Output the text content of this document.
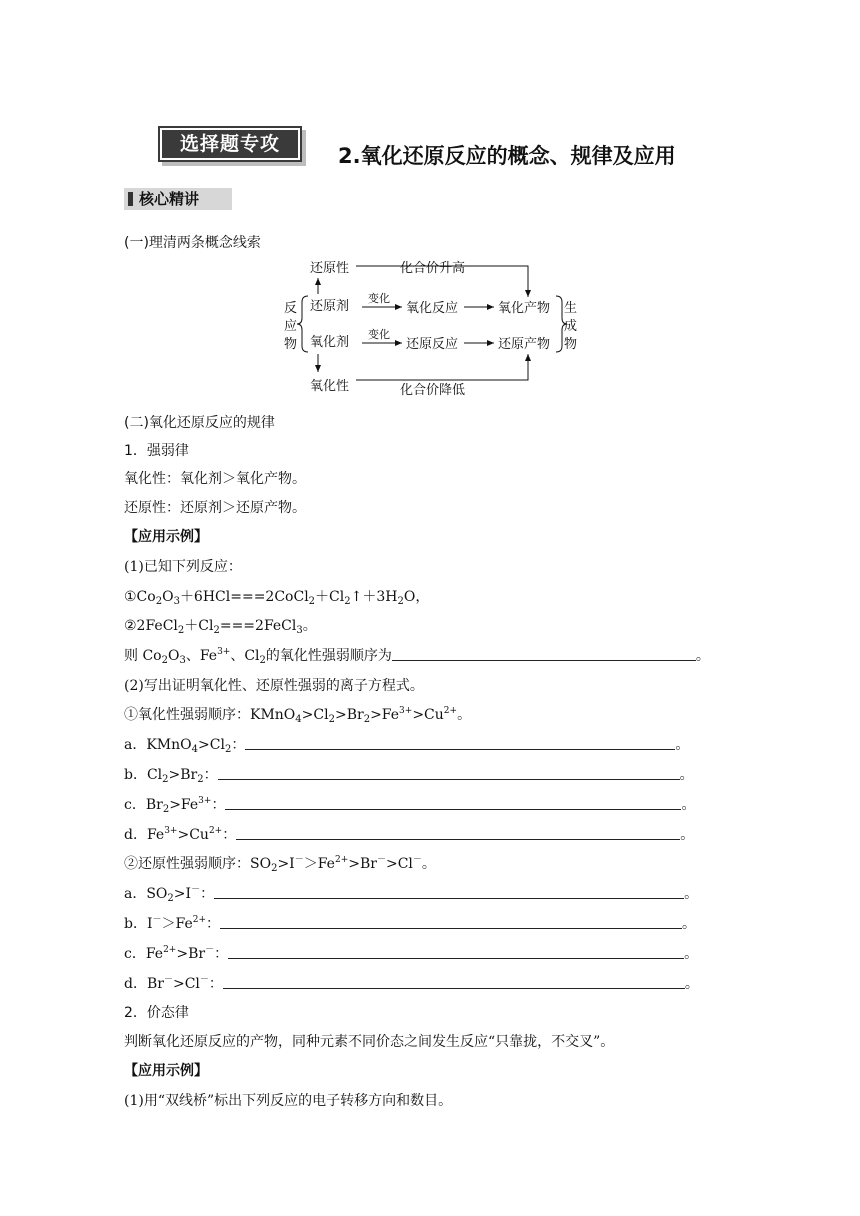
选择题专攻	2.氧化还原反应的概念、规律及应用
核心精讲
(一)理清两条概念线索
还原性	化合价升高
反
应
物
还原剂
氧化剂
变化
变化
氧化反应
还原反应
氧化产物
还原产物
生
成
物
氧化性	化合价降低
(二)氧化还原反应的规律
1．强弱律
氧化性：氧化剂＞氧化产物。
还原性：还原剂＞还原产物。
【应用示例】
(1)已知下列反应：
$①Co_2O_3+6HCl===2CoCl_2+Cl_2↑+3H_2O$，
$②2FeCl_2+Cl_2===2FeCl_3$。
则 $Co_2O_3$、$Fe^{3+}$、$Cl_2$的氧化性强弱顺序为	。
(2)写出证明氧化性、还原性强弱的离子方程式。
①氧化性强弱顺序：$KMnO_4>Cl_2>Br_2>Fe^{3+}>Cu^{2+}$。
a．$KMnO_4>Cl_2$：	。
b．$Cl_2>Br_2$：	。
c．$Br_2>Fe^{3+}$：	。
d．$Fe^{3+}>Cu^{2+}$：	。
②还原性强弱顺序：$SO_2>I^->Fe^{2+}>Br^->Cl^-$。
a．$SO_2>I^-$：	。
b．$I^->Fe^{2+}$：	。
c．$Fe^{2+}>Br^-$：	。
d．Br－>Cl－：	。
2．价态律
判断氧化还原反应的产物，同种元素不同价态之间发生反应“只靠拢，不交叉”。
【应用示例】
(1)用“双线桥”标出下列反应的电子转移方向和数目。
